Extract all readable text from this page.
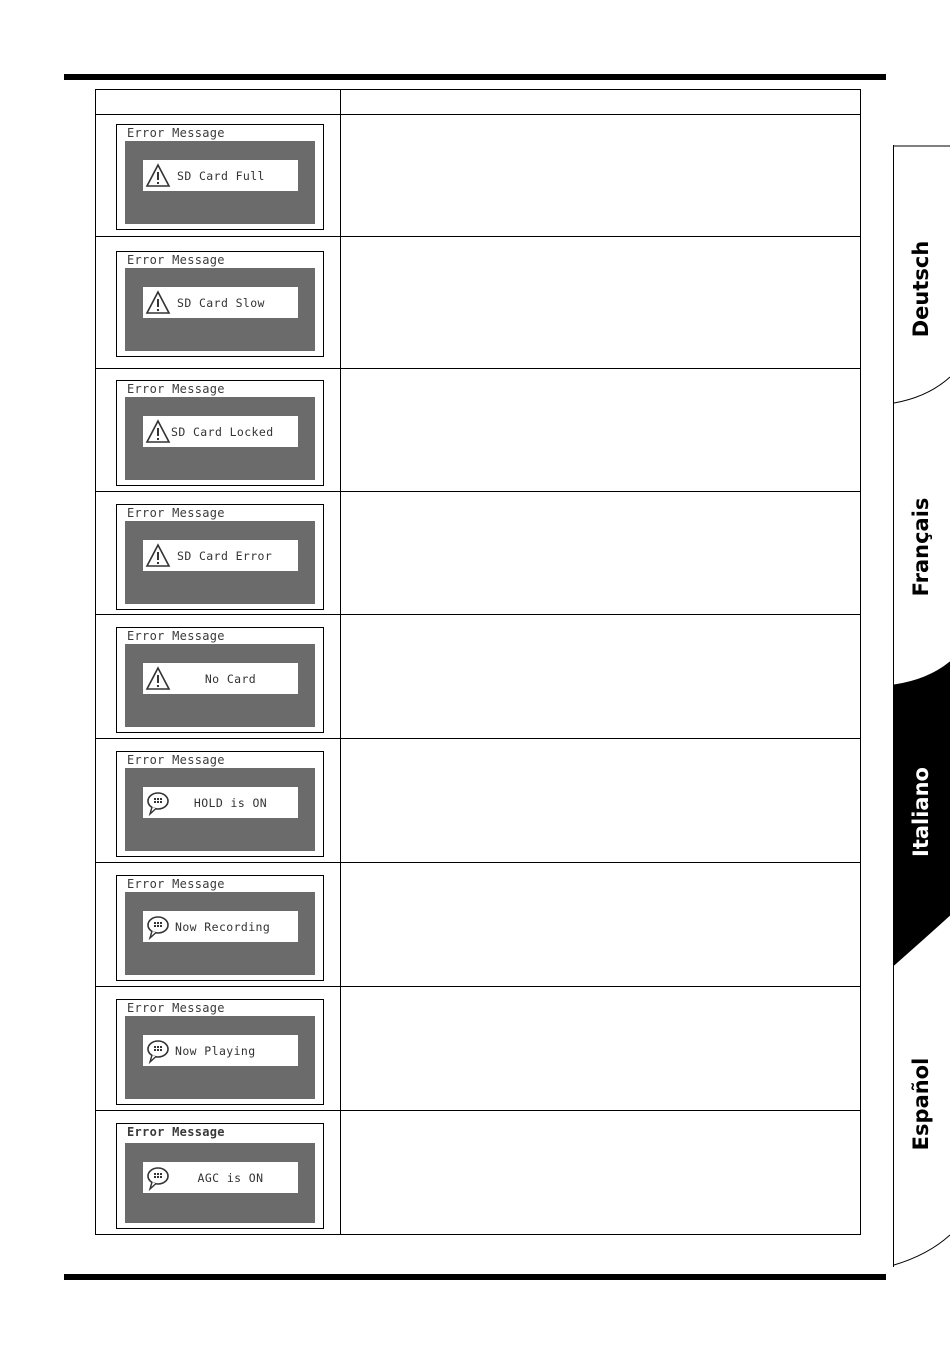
Error Message
SD Card Full	

Error Message
SD Card Slow	

Error Message
SD Card Locked	

Error Message
SD Card Error	

Error Message
No Card	

Error Message
HOLD is ON	

Error Message
Now Recording	

Error Message
Now Playing	

Error Message
AGC is ON	

Deutsch
Français
Italiano
Español
